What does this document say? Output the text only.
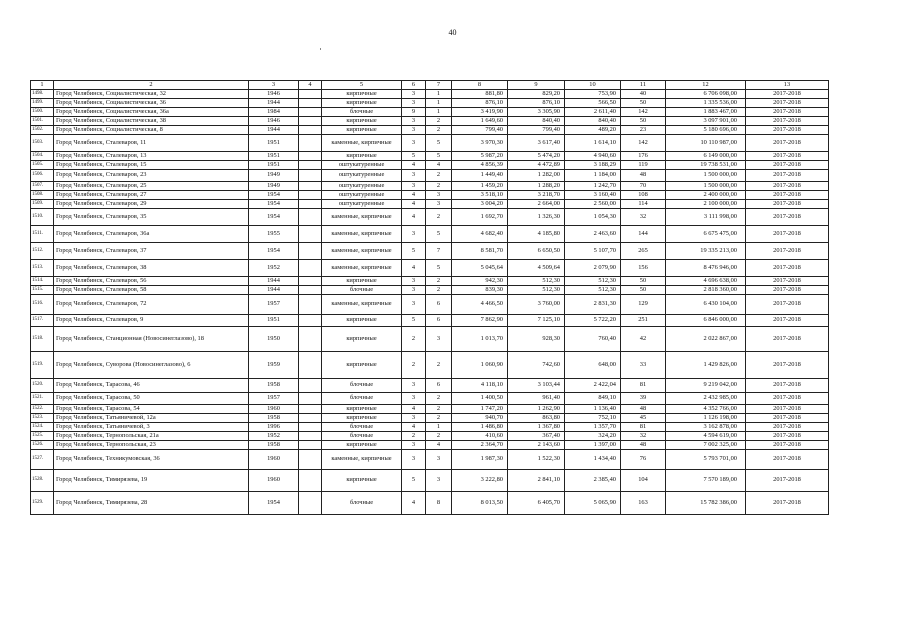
40
1	2	3	4	5	6	7	8	9	10	11	12	13
1498.	Город Челябинск, Социалистическая, 32	1946		кирпичные	3	1	881,80	829,20	753,90	40	6 706 098,00	2017-2018
1499.	Город Челябинск, Социалистическая, 36	1944		кирпичные	3	1	876,10	876,10	566,50	50	1 335 536,00	2017-2018
1500.	Город Челябинск, Социалистическая, 36а	1984		блочные	9	1	3 419,90	3 305,90	2 611,40	142	1 883 467,00	2017-2018
1501.	Город Челябинск, Социалистическая, 38	1946		кирпичные	3	2	1 649,60	840,40	840,40	50	3 097 901,00	2017-2018
1502.	Город Челябинск, Социалистическая, 8	1944		кирпичные	3	2	799,40	799,40	489,20	23	5 180 696,00	2017-2018
1503.	Город Челябинск, Сталеваров, 11	1951		каменные, кирпичные	3	5	3 970,30	3 617,40	1 614,10	142	10 110 987,00	2017-2018
1504.	Город Челябинск, Сталеваров, 13	1951		кирпичные	5	5	5 987,20	5 474,20	4 940,60	176	6 149 000,00	2017-2018
1505.	Город Челябинск, Сталеваров, 15	1951		оштукатуренные	4	4	4 856,39	4 472,89	3 188,29	119	19 738 531,00	2017-2018
1506.	Город Челябинск, Сталеваров, 23	1949		оштукатуренные	3	2	1 449,40	1 282,00	1 184,00	48	1 500 000,00	2017-2018
1507.	Город Челябинск, Сталеваров, 25	1949		оштукатуренные	3	2	1 459,20	1 288,20	1 242,70	70	1 500 000,00	2017-2018
1508.	Город Челябинск, Сталеваров, 27	1954		оштукатуренные	4	3	3 518,10	3 218,70	3 160,40	108	2 400 000,00	2017-2018
1509.	Город Челябинск, Сталеваров, 29	1954		оштукатуренные	4	3	3 004,20	2 664,00	2 560,00	114	2 100 000,00	2017-2018
1510.	Город Челябинск, Сталеваров, 35	1954		каменные, кирпичные	4	2	1 692,70	1 326,30	1 054,30	32	3 111 998,00	2017-2018
1511.	Город Челябинск, Сталеваров, 36а	1955		каменные, кирпичные	3	5	4 682,40	4 185,80	2 463,60	144	6 675 475,00	2017-2018
1512.	Город Челябинск, Сталеваров, 37	1954		каменные, кирпичные	5	7	8 581,70	6 650,50	5 107,70	265	19 335 213,00	2017-2018
1513.	Город Челябинск, Сталеваров, 38	1952		каменные, кирпичные	4	5	5 045,64	4 509,64	2 079,90	156	8 476 946,00	2017-2018
1514.	Город Челябинск, Сталеваров, 56	1944		кирпичные	3	2	942,30	512,30	512,30	50	4 696 638,00	2017-2018
1515.	Город Челябинск, Сталеваров, 58	1944		блочные	3	2	839,30	512,30	512,30	50	2 818 360,00	2017-2018
1516.	Город Челябинск, Сталеваров, 72	1957		каменные, кирпичные	3	6	4 466,50	3 760,00	2 831,30	129	6 430 104,00	2017-2018
1517.	Город Челябинск, Сталеваров, 9	1951		кирпичные	5	6	7 862,90	7 125,10	5 722,20	251	6 846 000,00	2017-2018
1518.	Город Челябинск, Станционная (Новосинеглазово), 18	1950		кирпичные	2	3	1 013,70	928,30	760,40	42	2 022 867,00	2017-2018
1519.	Город Челябинск, Суворова (Новосинеглазово), 6	1959		кирпичные	2	2	1 060,90	742,60	648,00	33	1 429 826,00	2017-2018
1520.	Город Челябинск, Тарасова, 46	1958		блочные	3	6	4 118,10	3 103,44	2 422,04	81	9 219 042,00	2017-2018
1521.	Город Челябинск, Тарасова, 50	1957		блочные	3	2	1 400,50	961,40	849,10	39	2 432 985,00	2017-2018
1522.	Город Челябинск, Тарасова, 54	1960		кирпичные	4	2	1 747,20	1 262,90	1 136,40	48	4 352 766,00	2017-2018
1523.	Город Челябинск, Татьяничевой, 12а	1958		кирпичные	3	2	940,70	863,80	752,10	45	1 126 198,00	2017-2018
1524.	Город Челябинск, Татьяничевой, 3	1996		блочные	4	1	1 486,80	1 367,80	1 357,70	81	3 162 878,00	2017-2018
1525.	Город Челябинск, Тернопольская, 21а	1952		блочные	2	2	410,60	367,40	324,20	32	4 594 619,00	2017-2018
1526.	Город Челябинск, Тернопольская, 23	1958		кирпичные	3	4	2 364,70	2 143,60	1 397,00	48	7 002 325,00	2017-2018
1527.	Город Челябинск, Техникумовская, 36	1960		каменные, кирпичные	3	3	1 987,30	1 522,30	1 434,40	76	5 793 701,00	2017-2018
1528.	Город Челябинск, Тимирязева, 19	1960		кирпичные	5	3	3 222,80	2 841,10	2 385,40	104	7 570 189,00	2017-2018
1529.	Город Челябинск, Тимирязева, 28	1954		блочные	4	8	8 013,50	6 405,70	5 065,90	163	15 782 386,00	2017-2018
